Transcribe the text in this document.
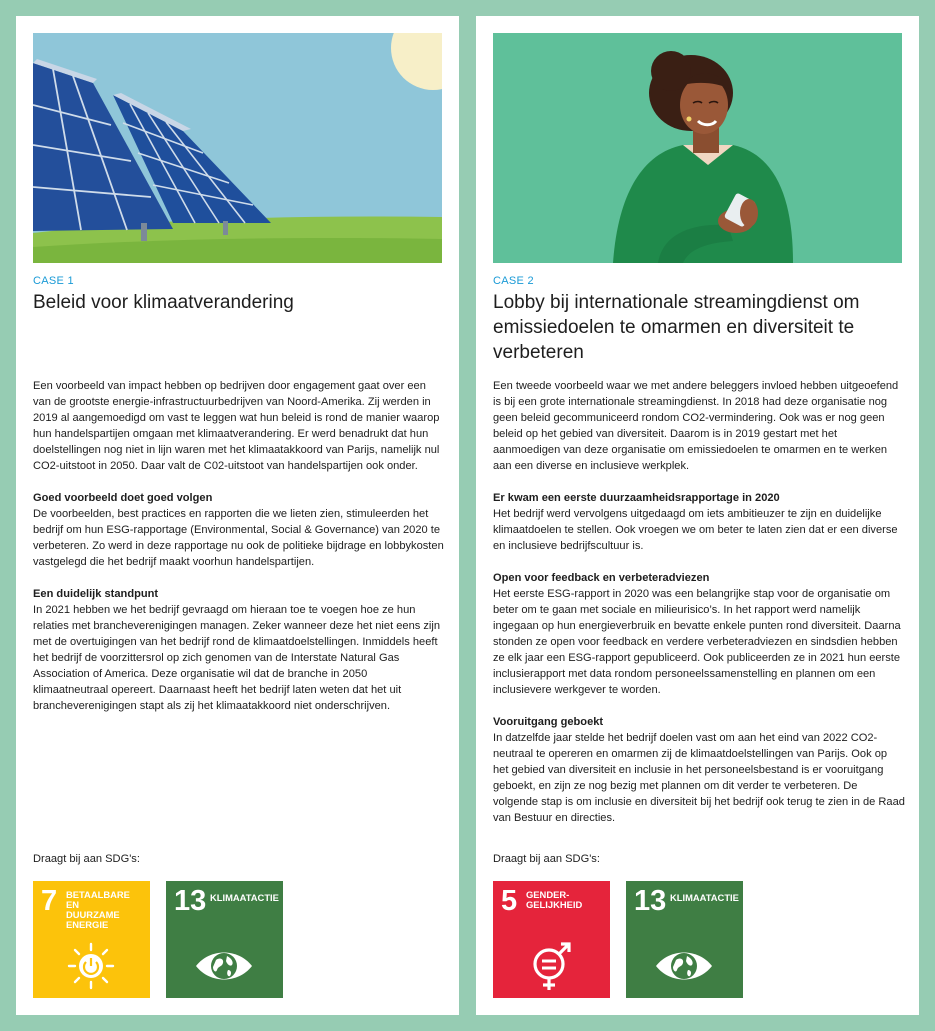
CASE 1
Beleid voor klimaatverandering

Een voorbeeld van impact hebben op bedrijven door engagement gaat over een van de grootste energie-infrastructuurbedrijven van Noord-Amerika. Zij werden in 2019 al aangemoedigd om vast te leggen wat hun beleid is rond de manier waarop hun handelspartijen omgaan met klimaatverandering. Er werd benadrukt dat hun doelstellingen nog niet in lijn waren met het klimaatakkoord van Parijs, namelijk nul CO2-uitstoot in 2050. Daar valt de C02-uitstoot van handelspartijen ook onder.

Goed voorbeeld doet goed volgen
De voorbeelden, best practices en rapporten die we lieten zien, stimuleerden het bedrijf om hun ESG-rapportage (Environmental, Social & Governance) van 2020 te verbeteren. Zo werd in deze rapportage nu ook de politieke bijdrage en lobbykosten vastgelegd die het bedrijf maakt voorhun handelspartijen.

Een duidelijk standpunt
In 2021 hebben we het bedrijf gevraagd om hieraan toe te voegen hoe ze hun relaties met brancheverenigingen managen. Zeker wanneer deze het niet eens zijn met de overtuigingen van het bedrijf rond de klimaatdoelstellingen. Inmiddels heeft het bedrijf de voorzittersrol op zich genomen van de Interstate Natural Gas Association of America. Deze organisatie wil dat de branche in 2050 klimaatneutraal opereert. Daarnaast heeft het bedrijf laten weten dat het uit brancheverenigingen stapt als zij het klimaatakkoord niet onderschrijven.

Draagt bij aan SDG's:
7 BETAALBARE EN DUURZAME ENERGIE
13 KLIMAATACTIE
CASE 2
Lobby bij internationale streamingdienst om emissiedoelen te omarmen en diversiteit te verbeteren

Een tweede voorbeeld waar we met andere beleggers invloed hebben uitgeoefend is bij een grote internationale streamingdienst. In 2018 had deze organisatie nog geen beleid gecommuniceerd rondom CO2-vermindering. Ook was er nog geen beleid op het gebied van diversiteit. Daarom is in 2019 gestart met het aanmoedigen van deze organisatie om emissiedoelen te omarmen en te werken aan een diverse en inclusieve werkplek.

Er kwam een eerste duurzaamheidsrapportage in 2020
Het bedrijf werd vervolgens uitgedaagd om iets ambitieuzer te zijn en duidelijke klimaatdoelen te stellen. Ook vroegen we om beter te laten zien dat er een diverse en inclusieve bedrijfscultuur is.

Open voor feedback en verbeteradviezen
Het eerste ESG-rapport in 2020 was een belangrijke stap voor de organisatie om beter om te gaan met sociale en milieurisico’s. In het rapport werd namelijk ingegaan op hun energieverbruik en bevatte enkele punten rond diversiteit. Daarna stonden ze open voor feedback en verdere verbeteradviezen en sindsdien hebben ze elk jaar een ESG-rapport gepubliceerd. Ook publiceerden ze in 2021 hun eerste inclusierapport met data rondom personeelssamenstelling en plannen om een inclusievere werkgever te worden.

Vooruitgang geboekt
In datzelfde jaar stelde het bedrijf doelen vast om aan het eind van 2022 CO2-neutraal te opereren en omarmen zij de klimaatdoelstellingen van Parijs. Ook op het gebied van diversiteit en inclusie in het personeelsbestand is er vooruitgang geboekt, en zijn ze nog bezig met plannen om dit verder te verbeteren. De volgende stap is om inclusie en diversiteit bij het bedrijf ook terug te zien in de Raad van Bestuur en directies.

Draagt bij aan SDG's:
5 GENDER-GELIJKHEID 13 KLIMAATACTIE
